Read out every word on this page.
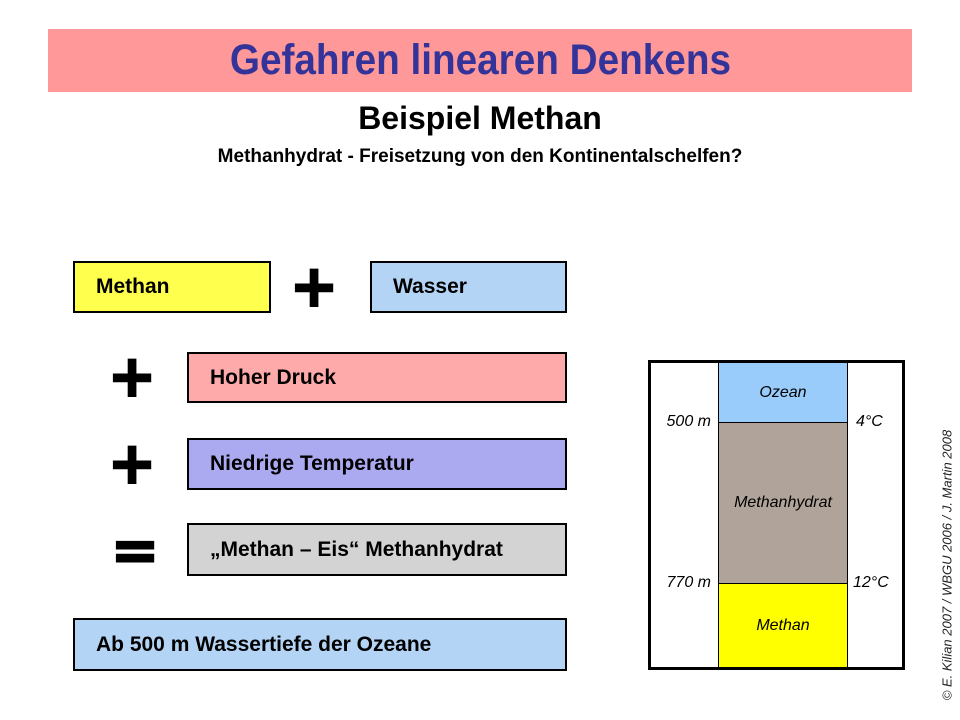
Gefahren linearen Denkens
Beispiel Methan
Methanhydrat - Freisetzung von den Kontinentalschelfen?
Methan +	Wasser
+	Hoher Druck
+	Niedrige Temperatur
=	„Methan – Eis“ Methanhydrat
Ab 500 m Wassertiefe der Ozeane
Ozean
Methanhydrat
Methan
500 m
770 m
4°C
12°C	© E. Kilian 2007 / WBGU 2006 / J. Martin 2008
